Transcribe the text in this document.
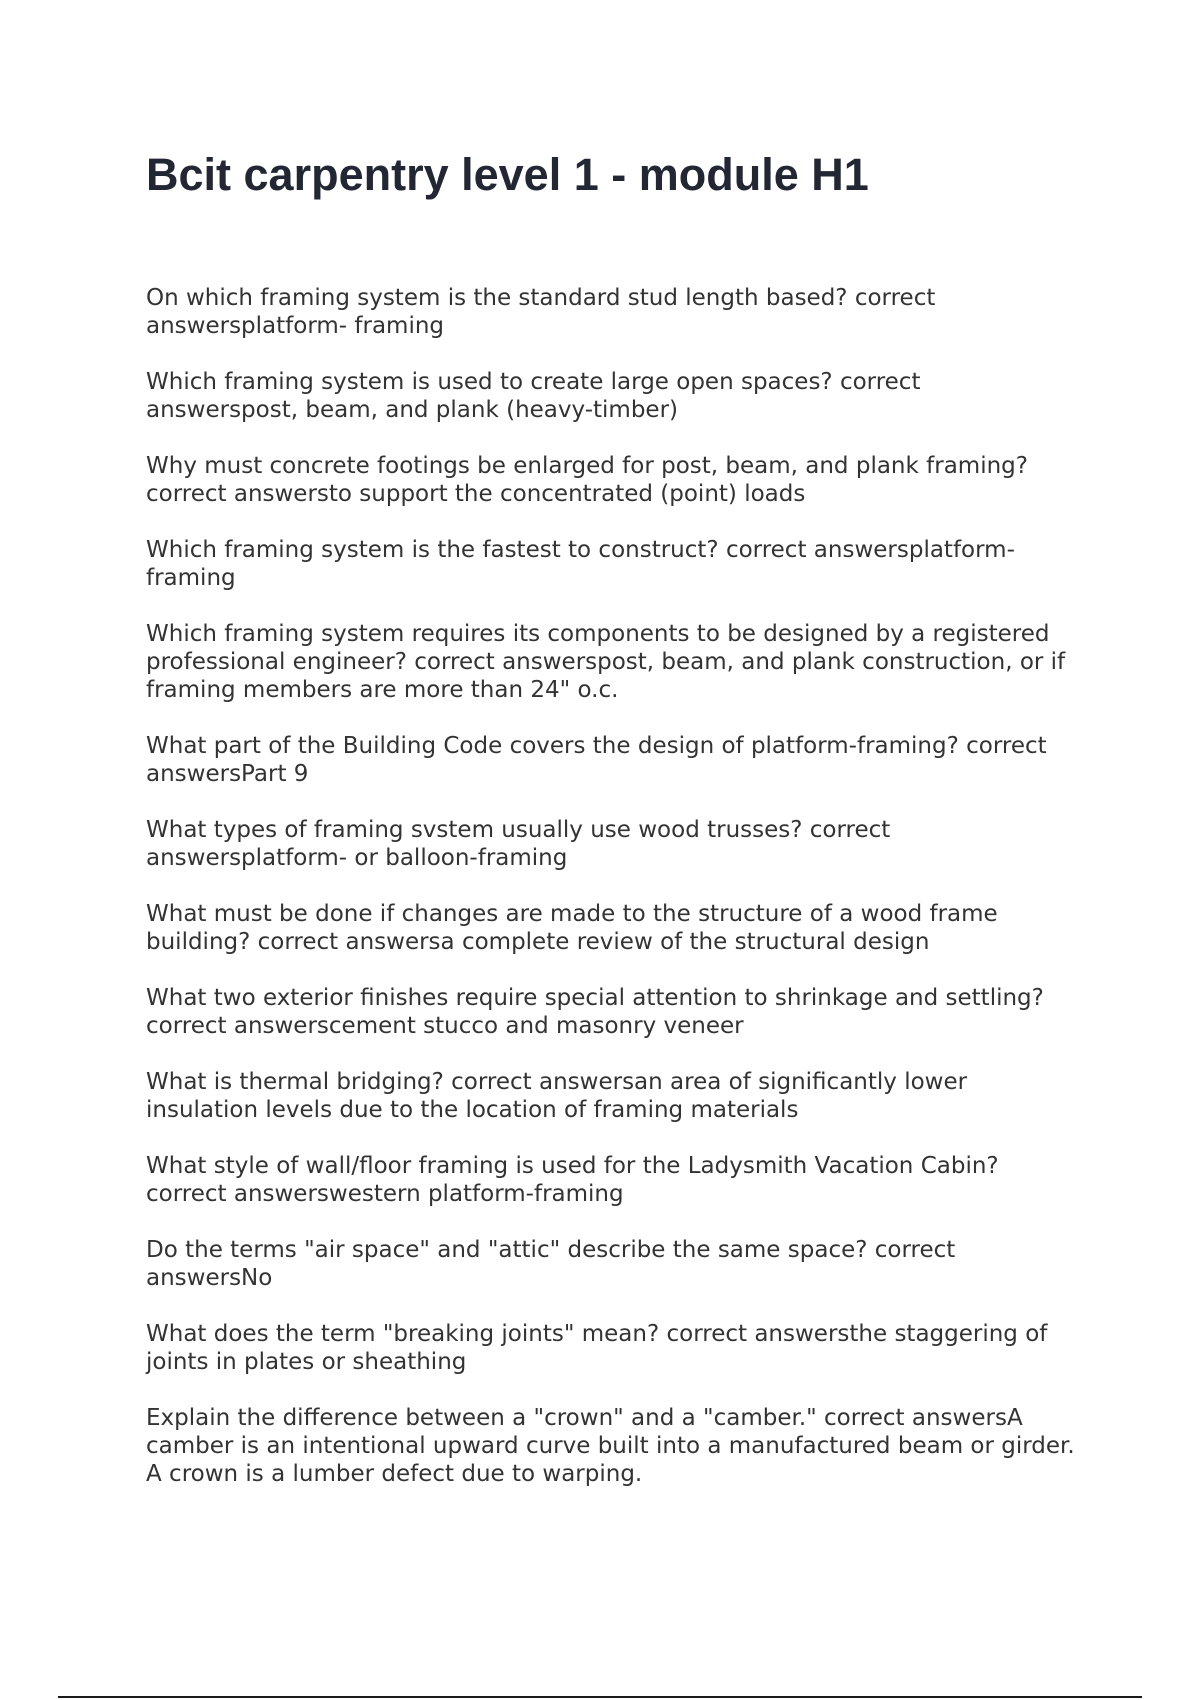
Bcit carpentry level 1 - module H1
On which framing system is the standard stud length based? correct answersplatform- framing
Which framing system is used to create large open spaces? correct answerspost, beam, and plank (heavy-timber)
Why must concrete footings be enlarged for post, beam, and plank framing? correct answersto support the concentrated (point) loads
Which framing system is the fastest to construct? correct answersplatform-framing
Which framing system requires its components to be designed by a registered professional engineer? correct answerspost, beam, and plank construction, or if framing members are more than 24" o.c.
What part of the Building Code covers the design of platform-framing? correct answersPart 9
What types of framing svstem usually use wood trusses? correct answersplatform- or balloon-framing
What must be done if changes are made to the structure of a wood frame building? correct answersa complete review of the structural design
What two exterior finishes require special attention to shrinkage and settling? correct answerscement stucco and masonry veneer
What is thermal bridging? correct answersan area of significantly lower insulation levels due to the location of framing materials
What style of wall/floor framing is used for the Ladysmith Vacation Cabin? correct answerswestern platform-framing
Do the terms "air space" and "attic" describe the same space? correct answersNo
What does the term "breaking joints" mean? correct answersthe staggering of joints in plates or sheathing
Explain the difference between a "crown" and a "camber." correct answersA camber is an intentional upward curve built into a manufactured beam or girder. A crown is a lumber defect due to warping.
